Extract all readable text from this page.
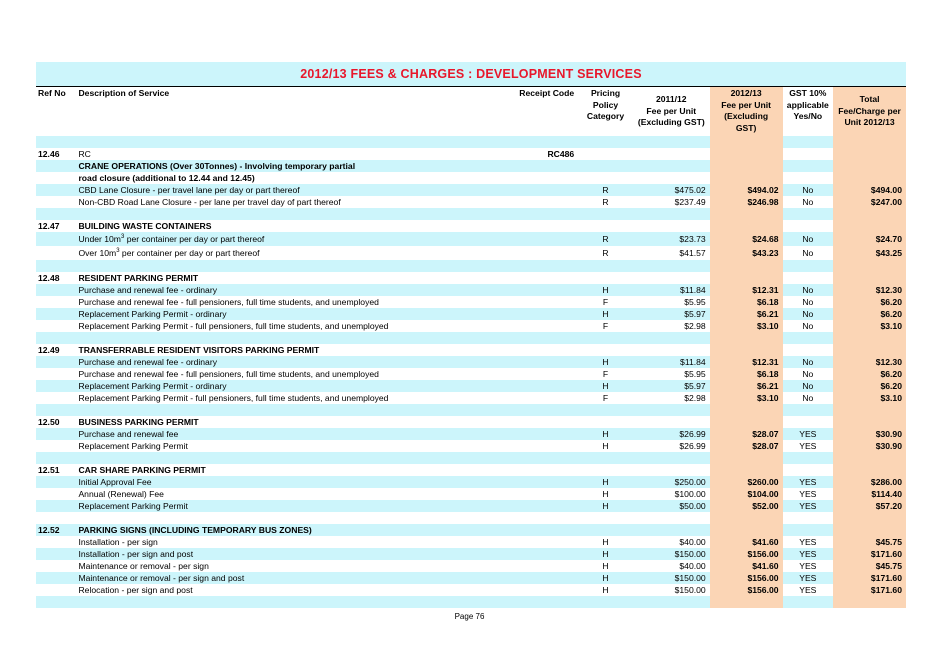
2012/13 FEES & CHARGES : DEVELOPMENT SERVICES
Ref No	Description of Service	Receipt Code	Pricing
Policy
Category	2011/12
Fee per Unit
(Excluding GST)	2012/13
Fee per Unit
(Excluding
GST)	GST 10%
applicable
Yes/No	Total
Fee/Charge per
Unit 2012/13

12.46	RC	RC486					
	CRANE OPERATIONS (Over 30Tonnes) - Involving temporary partial						
	road closure (additional to 12.44 and 12.45)						
	CBD Lane Closure - per travel lane per day or part thereof		R	$475.02	$494.02	No	$494.00
	Non-CBD Road Lane Closure - per lane per travel day of part thereof		R	$237.49	$246.98	No	$247.00

12.47	BUILDING WASTE CONTAINERS						
	Under $10m^3$ per container per day or part thereof		R	$23.73	$24.68	No	$24.70
	Over $10m^3$ per container per day or part thereof		R	$41.57	$43.23	No	$43.25

12.48	RESIDENT PARKING PERMIT						
	Purchase and renewal fee - ordinary		H	$11.84	$12.31	No	$12.30
	Purchase and renewal fee - full pensioners, full time students, and unemployed		F	$5.95	$6.18	No	$6.20
	Replacement Parking Permit - ordinary		H	$5.97	$6.21	No	$6.20
	Replacement Parking Permit - full pensioners, full time students, and unemployed		F	$2.98	$3.10	No	$3.10

12.49	TRANSFERRABLE RESIDENT VISITORS PARKING PERMIT						
	Purchase and renewal fee - ordinary		H	$11.84	$12.31	No	$12.30
	Purchase and renewal fee - full pensioners, full time students, and unemployed		F	$5.95	$6.18	No	$6.20
	Replacement Parking Permit - ordinary		H	$5.97	$6.21	No	$6.20
	Replacement Parking Permit - full pensioners, full time students, and unemployed		F	$2.98	$3.10	No	$3.10

12.50	BUSINESS PARKING PERMIT						
	Purchase and renewal fee		H	$26.99	$28.07	YES	$30.90
	Replacement Parking Permit		H	$26.99	$28.07	YES	$30.90

12.51	CAR SHARE PARKING PERMIT						
	Initial Approval Fee		H	$250.00	$260.00	YES	$286.00
	Annual (Renewal) Fee		H	$100.00	$104.00	YES	$114.40
	Replacement Parking Permit		H	$50.00	$52.00	YES	$57.20

12.52	PARKING SIGNS (INCLUDING TEMPORARY BUS ZONES)						
	Installation - per sign		H	$40.00	$41.60	YES	$45.75
	Installation - per sign and post		H	$150.00	$156.00	YES	$171.60
	Maintenance or removal - per sign		H	$40.00	$41.60	YES	$45.75
	Maintenance or removal - per sign and post		H	$150.00	$156.00	YES	$171.60
	Relocation - per sign and post		H	$150.00	$156.00	YES	$171.60

Page 76
